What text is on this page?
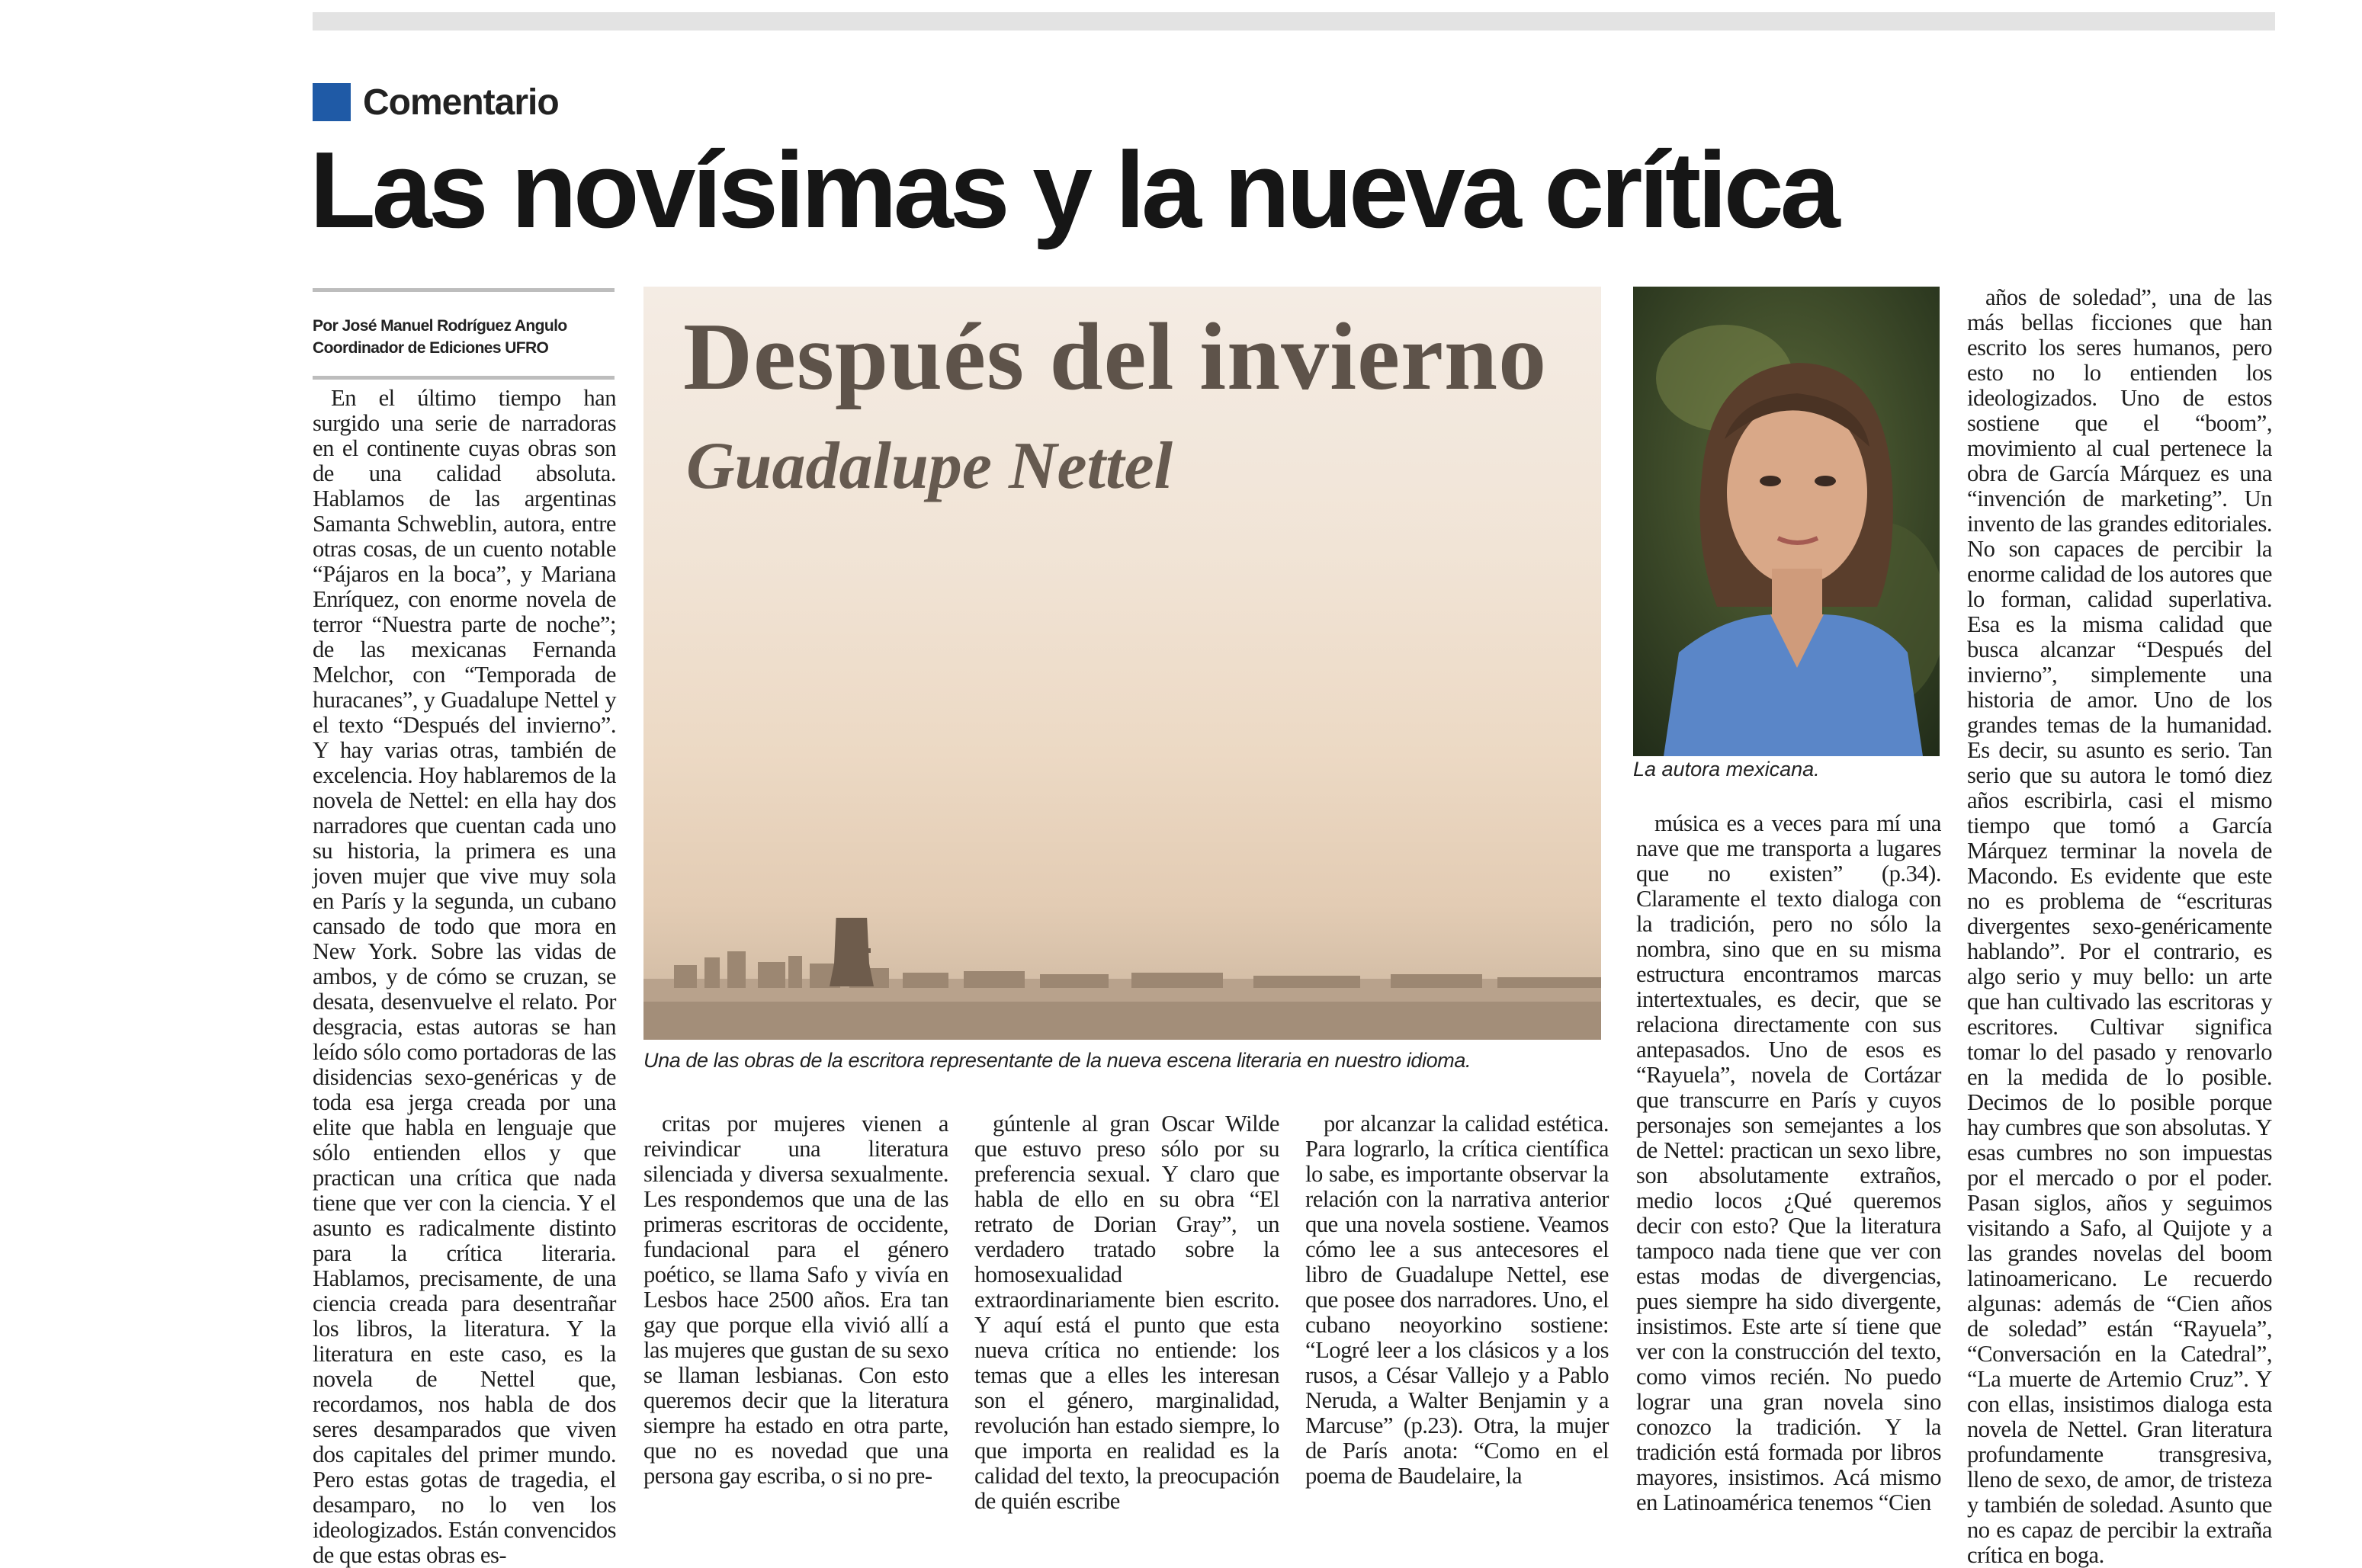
Comentario
Las novísimas y la nueva crítica
Por José Manuel Rodríguez Angulo
Coordinador de Ediciones UFRO

En el último tiempo han surgido una serie de narradoras en el continente cuyas obras son de una calidad absoluta. Hablamos de las argentinas Samanta Schweblin, autora, entre otras cosas, de un cuento notable “Pájaros en la boca”, y Mariana Enríquez, con enorme novela de terror “Nuestra parte de noche”; de las mexicanas Fernanda Melchor, con “Temporada de huracanes”, y Guadalupe Nettel y el texto “Después del invierno”. Y hay varias otras, también de excelencia. Hoy hablaremos de la novela de Nettel: en ella hay dos narradores que cuentan cada uno su historia, la primera es una joven mujer que vive muy sola en París y la segunda, un cubano cansado de todo que mora en New York. Sobre las vidas de ambos, y de cómo se cruzan, se desata, desenvuelve el relato. Por desgracia, estas autoras se han leído sólo como portadoras de las disidencias sexo-genéricas y de toda esa jerga creada por una elite que habla en lenguaje que sólo entienden ellos y que practican una crítica que nada tiene que ver con la ciencia. Y el asunto es radicalmente distinto para la crítica literaria. Hablamos, precisamente, de una ciencia creada para desentrañar los libros, la literatura. Y la literatura en este caso, es la novela de Nettel que, recordamos, nos habla de dos seres desamparados que viven dos capitales del primer mundo. Pero estas gotas de tragedia, el desamparo, no lo ven los ideologizados. Están convencidos de que estas obras es-

Después del invierno
Guadalupe Nettel
Una de las obras de la escritora representante de la nueva escena literaria en nuestro idioma.
La autora mexicana.

critas por mujeres vienen a reivindicar una literatura silenciada y diversa sexualmente. Les respondemos que una de las primeras escritoras de occidente, fundacional para el género poético, se llama Safo y vivía en Lesbos hace 2500 años. Era tan gay que porque ella vivió allí a las mujeres que gustan de su sexo se llaman lesbianas. Con esto queremos decir que la literatura siempre ha estado en otra parte, que no es novedad que una persona gay escriba, o si no pre-

gúntenle al gran Oscar Wilde que estuvo preso sólo por su preferencia sexual. Y claro que habla de ello en su obra “El retrato de Dorian Gray”, un verdadero tratado sobre la homosexualidad extraordinariamente bien escrito. Y aquí está el punto que esta nueva crítica no entiende: los temas que a elles les interesan son el género, marginalidad, revolución han estado siempre, lo que importa en realidad es la calidad del texto, la preocupación de quién escribe

por alcanzar la calidad estética. Para lograrlo, la crítica científica lo sabe, es importante observar la relación con la narrativa anterior que una novela sostiene. Veamos cómo lee a sus antecesores el libro de Guadalupe Nettel, ese que posee dos narradores. Uno, el cubano neoyorkino sostiene: “Logré leer a los clásicos y a los rusos, a César Vallejo y a Pablo Neruda, a Walter Benjamin y a Marcuse” (p.23). Otra, la mujer de París anota: “Como en el poema de Baudelaire, la

música es a veces para mí una nave que me transporta a lugares que no existen” (p.34). Claramente el texto dialoga con la tradición, pero no sólo la nombra, sino que en su misma estructura encontramos marcas intertextuales, es decir, que se relaciona directamente con sus antepasados. Uno de esos es “Rayuela”, novela de Cortázar que transcurre en París y cuyos personajes son semejantes a los de Nettel: practican un sexo libre, son absolutamente extraños, medio locos ¿Qué queremos decir con esto? Que la literatura tampoco nada tiene que ver con estas modas de divergencias, pues siempre ha sido divergente, insistimos. Este arte sí tiene que ver con la construcción del texto, como vimos recién. No puedo lograr una gran novela sino conozco la tradición. Y la tradición está formada por libros mayores, insistimos. Acá mismo en Latinoamérica tenemos “Cien

años de soledad”, una de las más bellas ficciones que han escrito los seres humanos, pero esto no lo entienden los ideologizados. Uno de estos sostiene que el “boom”, movimiento al cual pertenece la obra de García Márquez es una “invención de marketing”. Un invento de las grandes editoriales. No son capaces de percibir la enorme calidad de los autores que lo forman, calidad superlativa. Esa es la misma calidad que busca alcanzar “Después del invierno”, simplemente una historia de amor. Uno de los grandes temas de la humanidad. Es decir, su asunto es serio. Tan serio que su autora le tomó diez años escribirla, casi el mismo tiempo que tomó a García Márquez terminar la novela de Macondo. Es evidente que este no es problema de “escrituras divergentes sexo-genéricamente hablando”. Por el contrario, es algo serio y muy bello: un arte que han cultivado las escritoras y escritores. Cultivar significa tomar lo del pasado y renovarlo en la medida de lo posible. Decimos de lo posible porque hay cumbres que son absolutas. Y esas cumbres no son impuestas por el mercado o por el poder. Pasan siglos, años y seguimos visitando a Safo, al Quijote y a las grandes novelas del boom latinoamericano. Le recuerdo algunas: además de “Cien años de soledad” están “Rayuela”, “Conversación en la Catedral”, “La muerte de Artemio Cruz”. Y con ellas, insistimos dialoga esta novela de Nettel. Gran literatura profundamente transgresiva, lleno de sexo, de amor, de tristeza y también de soledad. Asunto que no es capaz de percibir la extraña crítica en boga.
